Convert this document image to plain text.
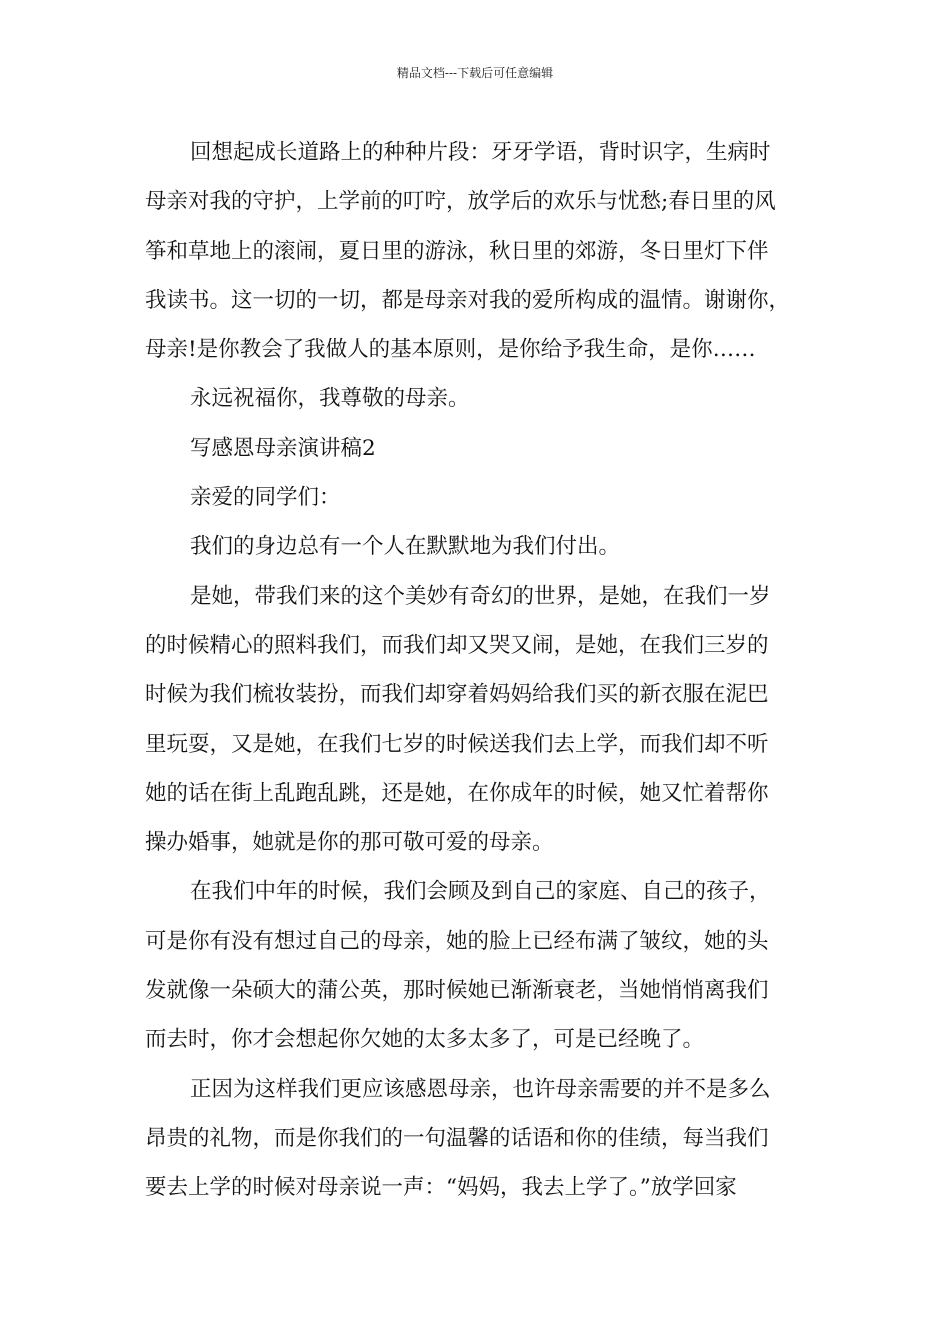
精品文档---下载后可任意编辑
回想起成长道路上的种种片段：牙牙学语，背时识字，生病时
母亲对我的守护，上学前的叮咛，放学后的欢乐与忧愁;春日里的风
筝和草地上的滚闹，夏日里的游泳，秋日里的郊游，冬日里灯下伴
我读书。这一切的一切，都是母亲对我的爱所构成的温情。谢谢你，
母亲!是你教会了我做人的基本原则，是你给予我生命，是你……
永远祝福你，我尊敬的母亲。
写感恩母亲演讲稿2
亲爱的同学们：
我们的身边总有一个人在默默地为我们付出。
是她，带我们来的这个美妙有奇幻的世界，是她，在我们一岁
的时候精心的照料我们，而我们却又哭又闹，是她，在我们三岁的
时候为我们梳妆装扮，而我们却穿着妈妈给我们买的新衣服在泥巴
里玩耍，又是她，在我们七岁的时候送我们去上学，而我们却不听
她的话在街上乱跑乱跳，还是她，在你成年的时候，她又忙着帮你
操办婚事，她就是你的那可敬可爱的母亲。
在我们中年的时候，我们会顾及到自己的家庭、自己的孩子，
可是你有没有想过自己的母亲，她的脸上已经布满了皱纹，她的头
发就像一朵硕大的蒲公英，那时候她已渐渐衰老，当她悄悄离我们
而去时，你才会想起你欠她的太多太多了，可是已经晚了。
正因为这样我们更应该感恩母亲，也许母亲需要的并不是多么
昂贵的礼物，而是你我们的一句温馨的话语和你的佳绩，每当我们
要去上学的时候对母亲说一声：“妈妈，我去上学了。”放学回家
